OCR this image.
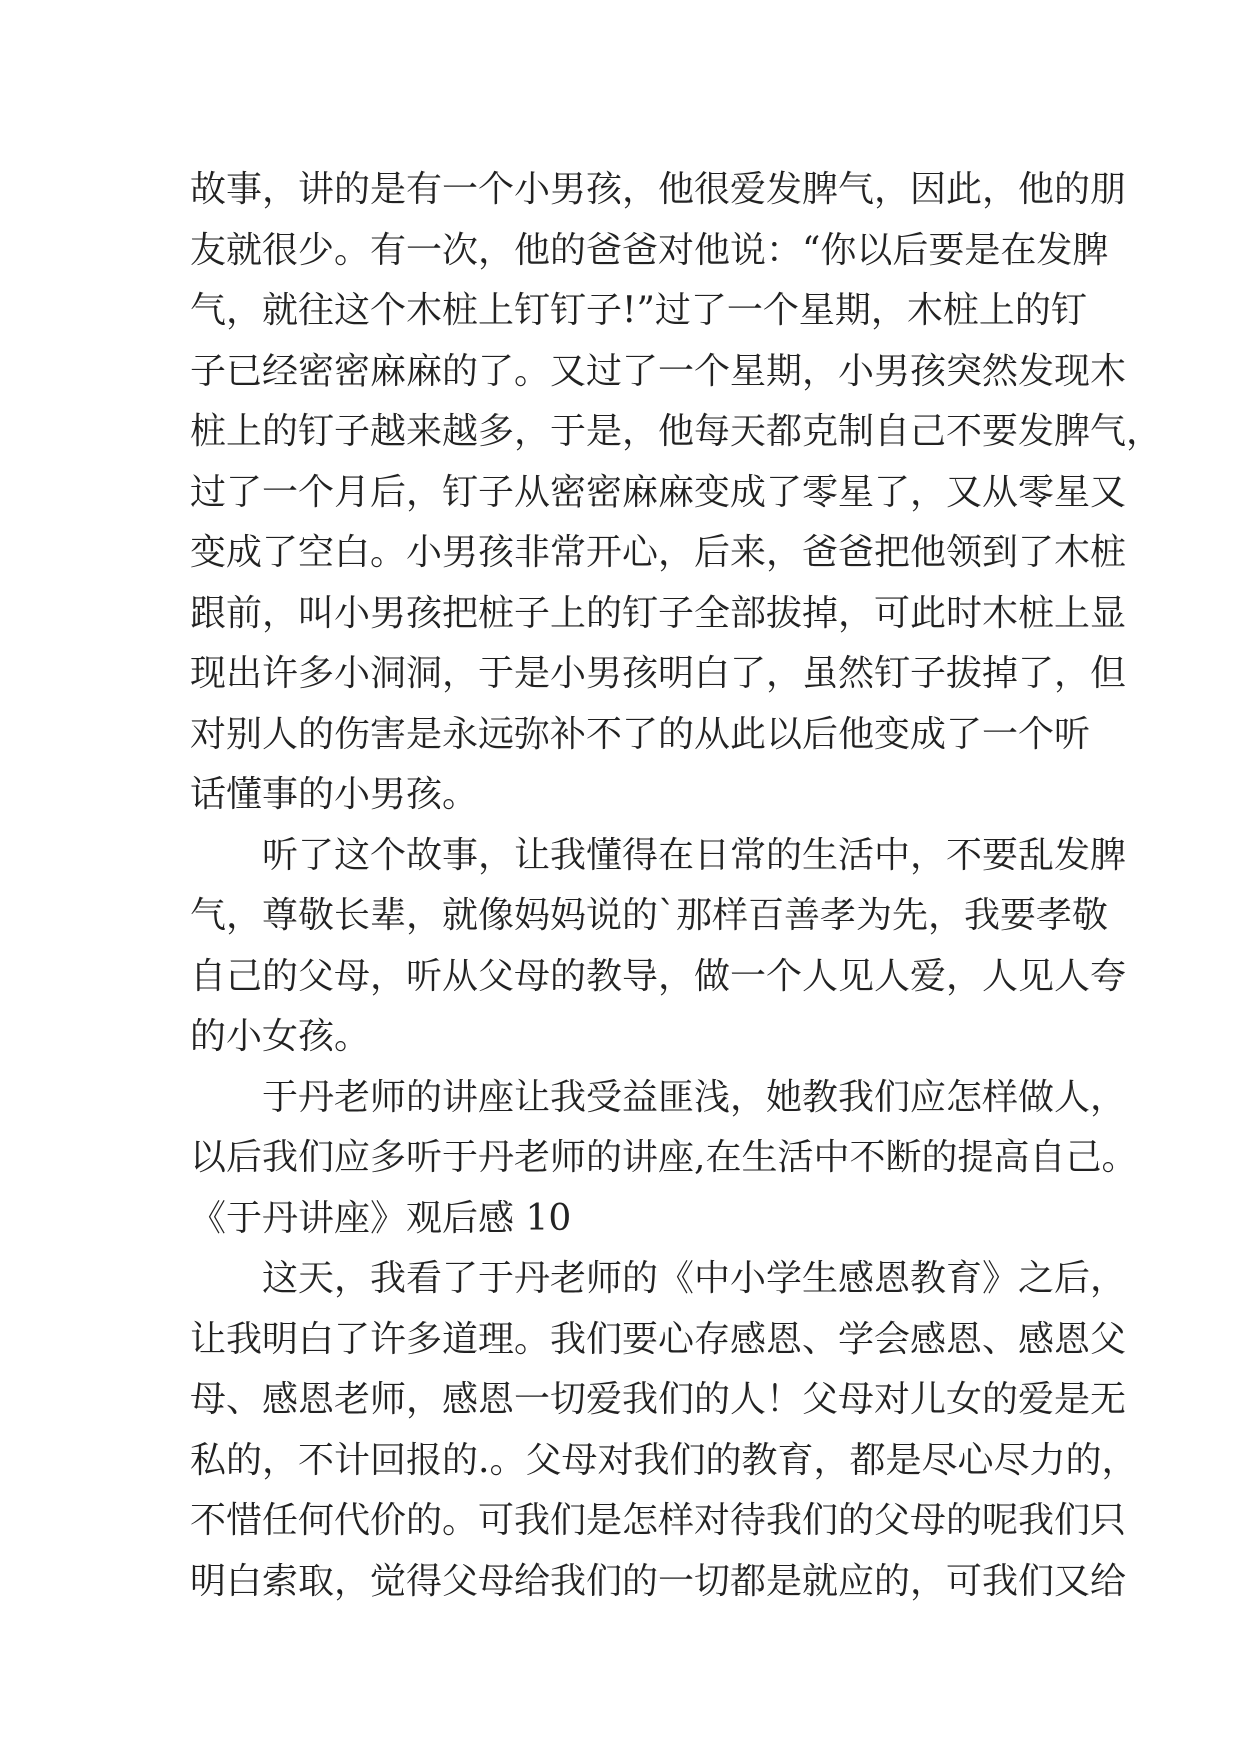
故事，讲的是有一个小男孩，他很爱发脾气，因此，他的朋
友就很少。有一次，他的爸爸对他说：“你以后要是在发脾
气，就往这个木桩上钉钉子!”过了一个星期，木桩上的钉
子已经密密麻麻的了。又过了一个星期，小男孩突然发现木
桩上的钉子越来越多，于是，他每天都克制自己不要发脾气，
过了一个月后，钉子从密密麻麻变成了零星了，又从零星又
变成了空白。小男孩非常开心，后来，爸爸把他领到了木桩
跟前，叫小男孩把桩子上的钉子全部拔掉，可此时木桩上显
现出许多小洞洞，于是小男孩明白了，虽然钉子拔掉了，但
对别人的伤害是永远弥补不了的从此以后他变成了一个听
话懂事的小男孩。
听了这个故事，让我懂得在日常的生活中，不要乱发脾
气，尊敬长辈，就像妈妈说的`那样百善孝为先，我要孝敬
自己的父母，听从父母的教导，做一个人见人爱，人见人夸
的小女孩。
于丹老师的讲座让我受益匪浅，她教我们应怎样做人，
以后我们应多听于丹老师的讲座,在生活中不断的提高自己。
《于丹讲座》观后感 10
这天，我看了于丹老师的《中小学生感恩教育》之后，
让我明白了许多道理。我们要心存感恩、学会感恩、感恩父
母、感恩老师，感恩一切爱我们的人！父母对儿女的爱是无
私的，不计回报的.。父母对我们的教育，都是尽心尽力的，
不惜任何代价的。可我们是怎样对待我们的父母的呢我们只
明白索取，觉得父母给我们的一切都是就应的，可我们又给
